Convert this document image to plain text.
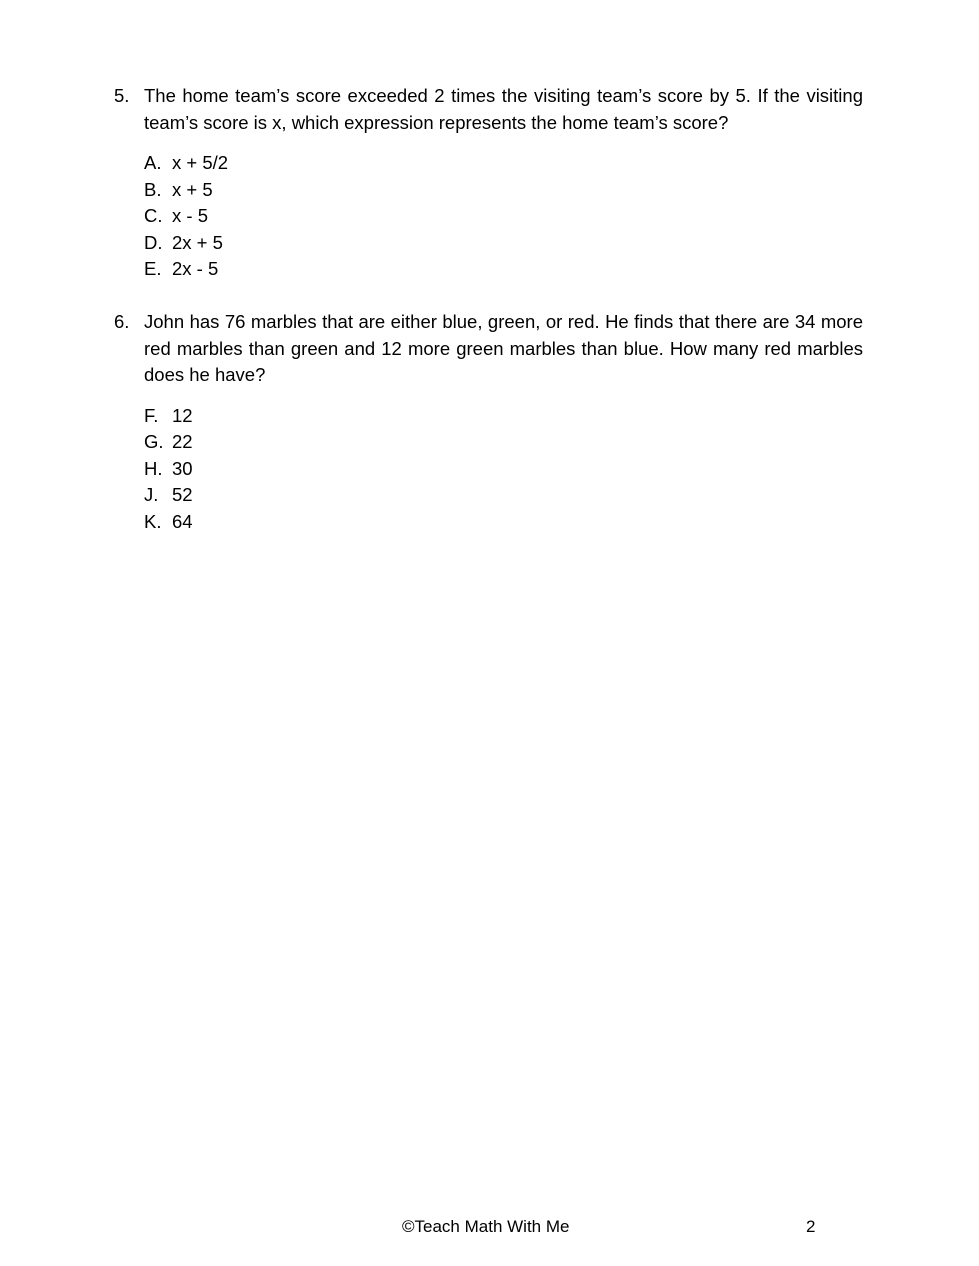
5. The home team’s score exceeded 2 times the visiting team’s score by 5. If the visiting team’s score is x, which expression represents the home team’s score?
A. x + 5/2
B. x + 5
C. x - 5
D. 2x + 5
E. 2x - 5
6. John has 76 marbles that are either blue, green, or red. He finds that there are 34 more red marbles than green and 12 more green marbles than blue. How many red marbles does he have?
F. 12
G. 22
H. 30
J. 52
K. 64
©Teach Math With Me	2
